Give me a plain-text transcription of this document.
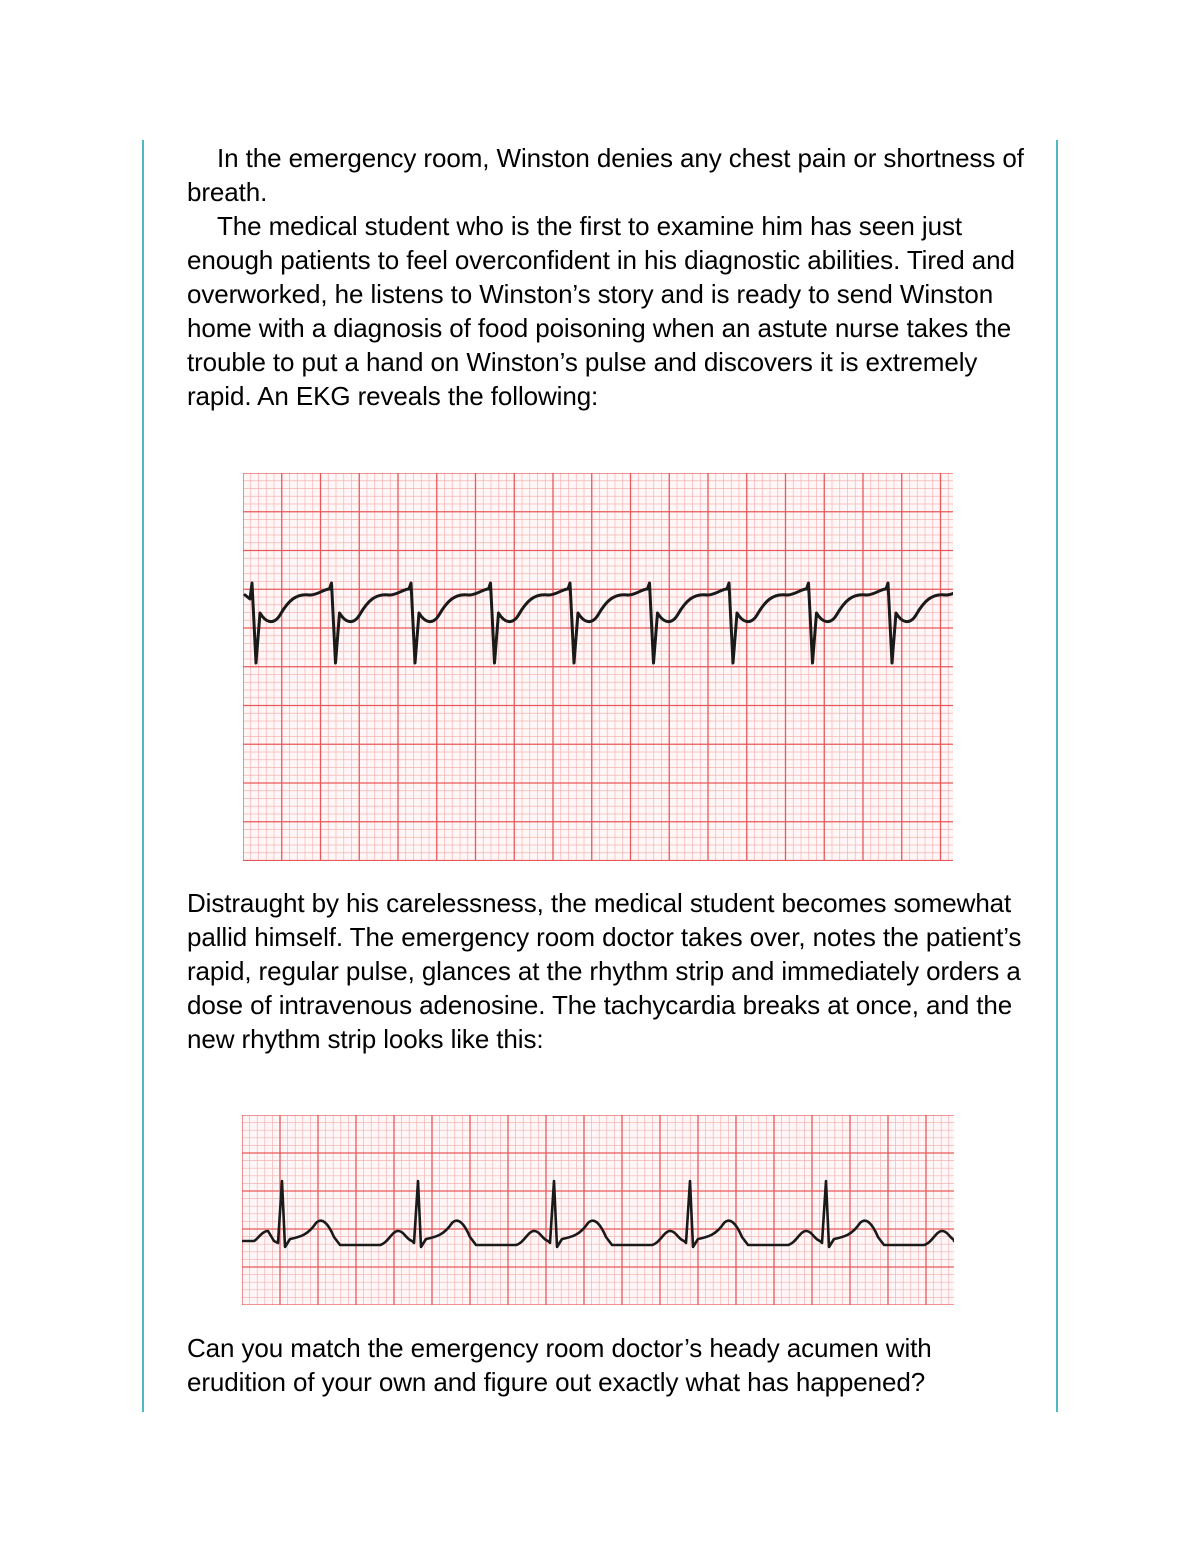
In the emergency room, Winston denies any chest pain or shortness of breath.

The medical student who is the first to examine him has seen just enough patients to feel overconfident in his diagnostic abilities. Tired and overworked, he listens to Winston’s story and is ready to send Winston home with a diagnosis of food poisoning when an astute nurse takes the trouble to put a hand on Winston’s pulse and discovers it is extremely rapid. An EKG reveals the following:

Distraught by his carelessness, the medical student becomes somewhat pallid himself. The emergency room doctor takes over, notes the patient’s rapid, regular pulse, glances at the rhythm strip and immediately orders a dose of intravenous adenosine. The tachycardia breaks at once, and the new rhythm strip looks like this:

Can you match the emergency room doctor’s heady acumen with erudition of your own and figure out exactly what has happened?
